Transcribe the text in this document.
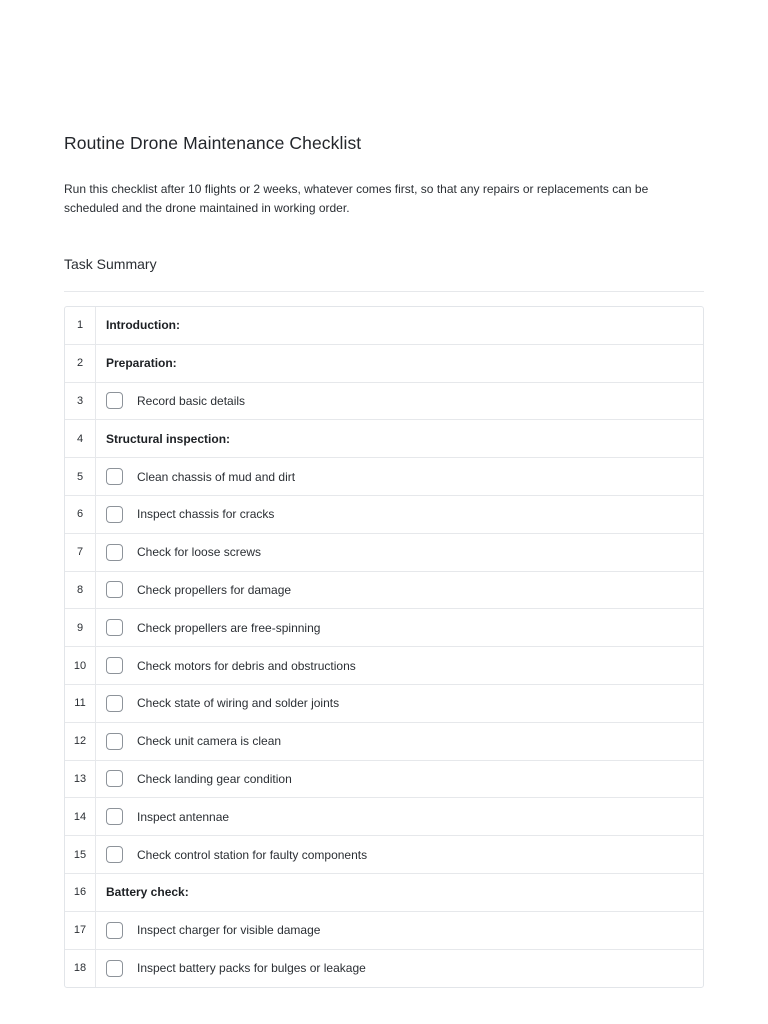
Routine Drone Maintenance Checklist
Run this checklist after 10 flights or 2 weeks, whatever comes first, so that any repairs or replacements can be scheduled and the drone maintained in working order.
Task Summary
1	Introduction:
2	Preparation:
3	Record basic details
4	Structural inspection:
5	Clean chassis of mud and dirt
6	Inspect chassis for cracks
7	Check for loose screws
8	Check propellers for damage
9	Check propellers are free-spinning
10	Check motors for debris and obstructions
11	Check state of wiring and solder joints
12	Check unit camera is clean
13	Check landing gear condition
14	Inspect antennae
15	Check control station for faulty components
16	Battery check:
17	Inspect charger for visible damage
18	Inspect battery packs for bulges or leakage
